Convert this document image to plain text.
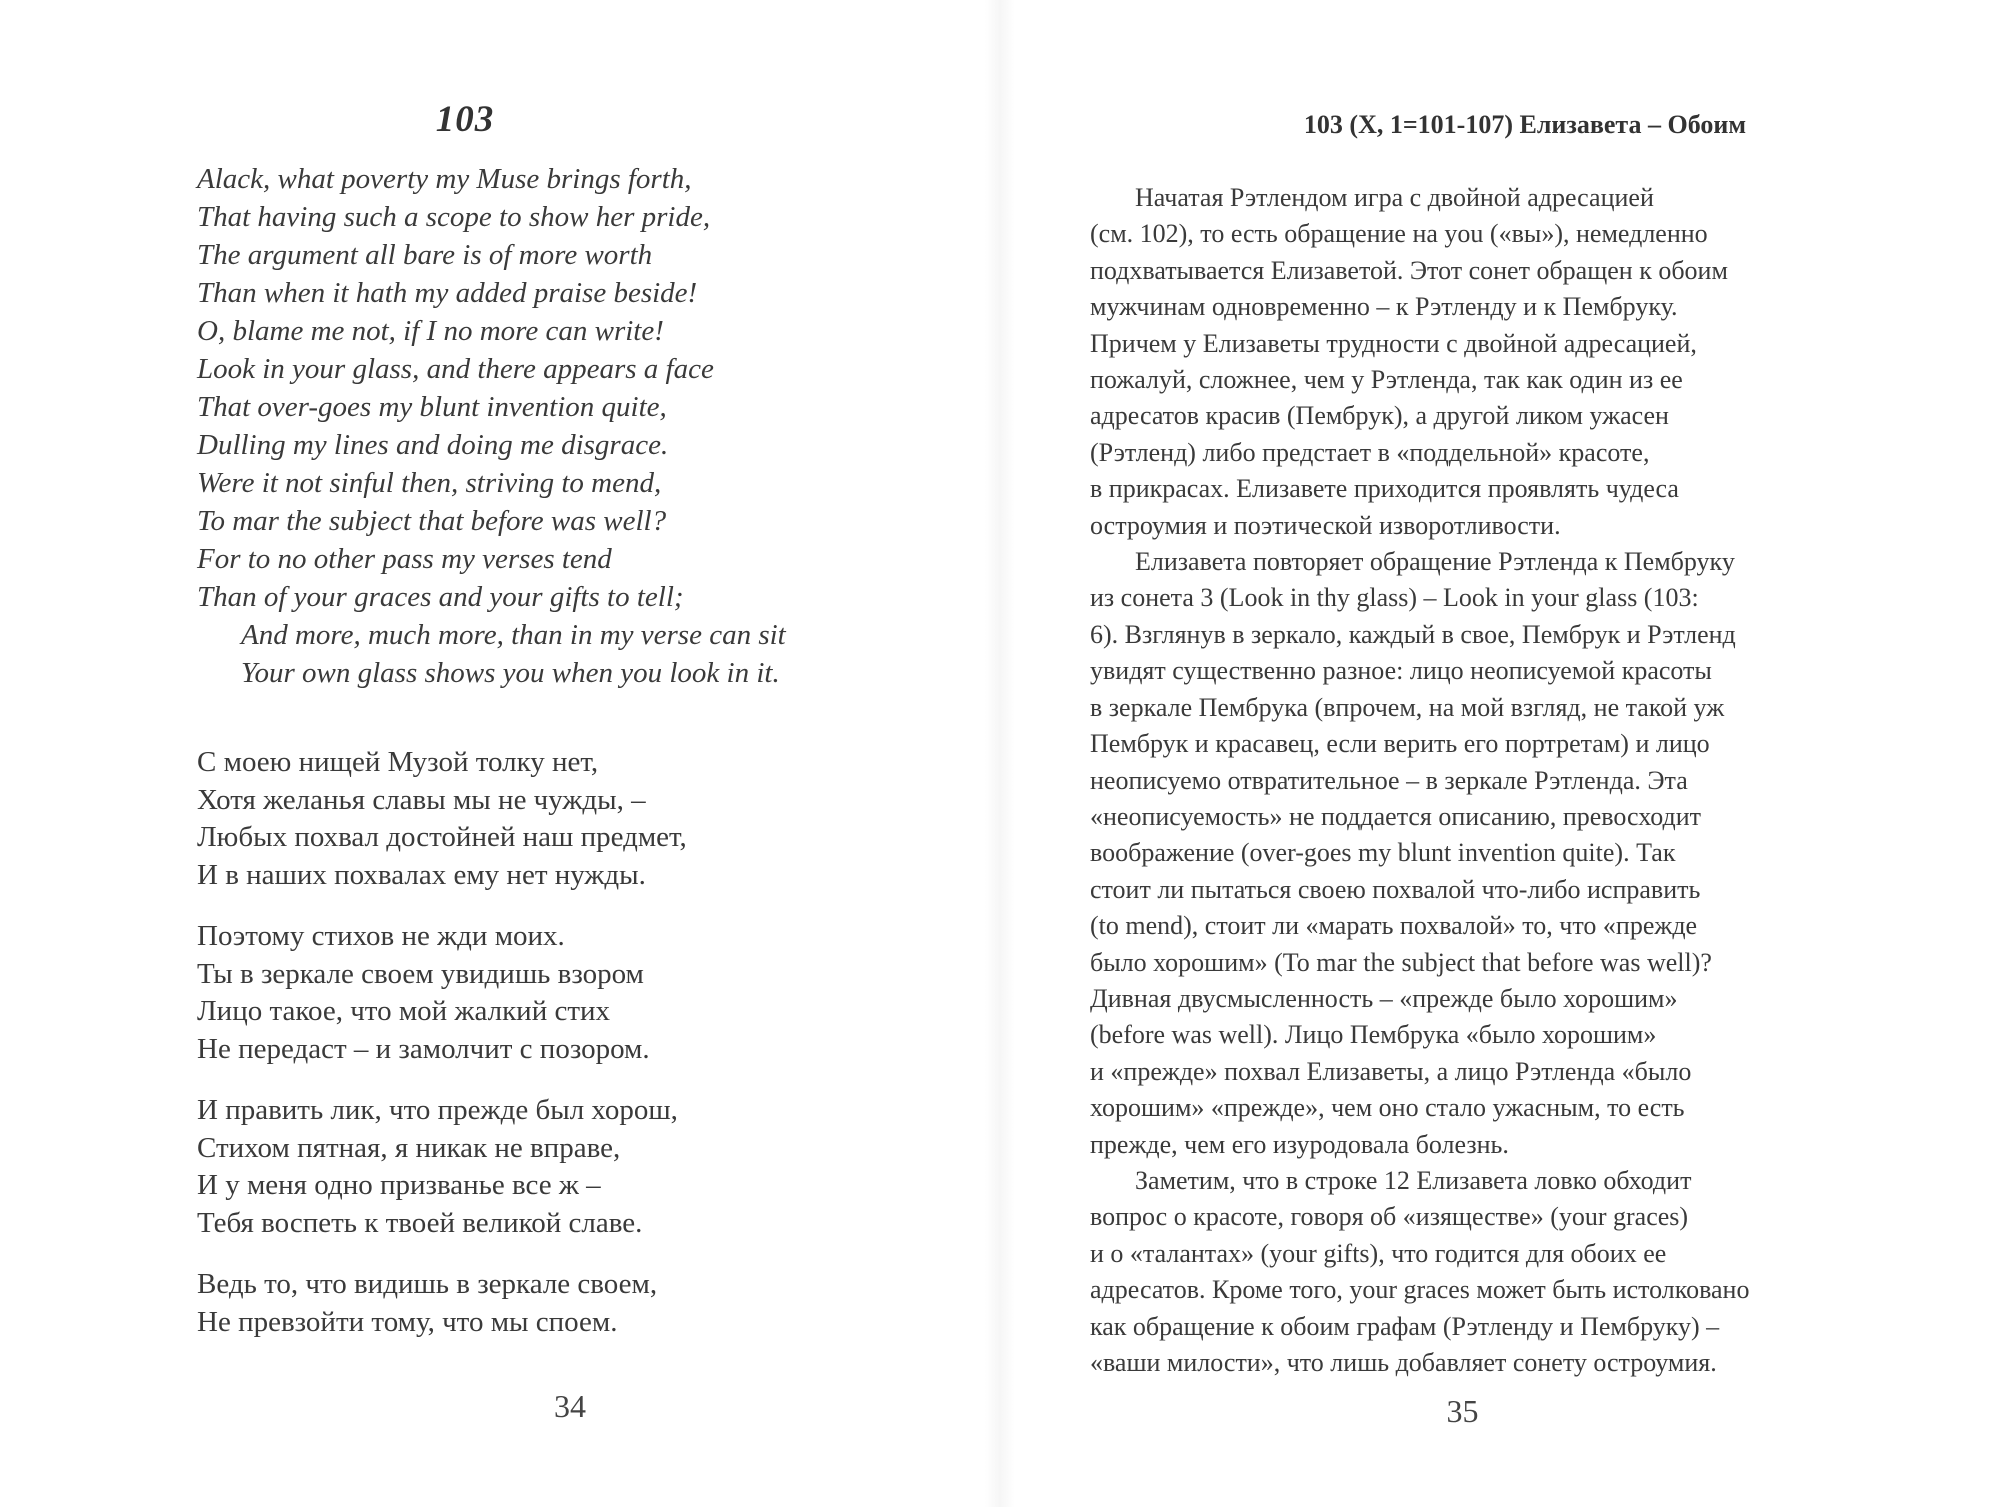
103
Alack, what poverty my Muse brings forth,
That having such a scope to show her pride,
The argument all bare is of more worth
Than when it hath my added praise beside!
O, blame me not, if I no more can write!
Look in your glass, and there appears a face
That over-goes my blunt invention quite,
Dulling my lines and doing me disgrace.
Were it not sinful then, striving to mend,
To mar the subject that before was well?
For to no other pass my verses tend
Than of your graces and your gifts to tell;
And more, much more, than in my verse can sit
Your own glass shows you when you look in it.
С моею нищей Музой толку нет,
Хотя желанья славы мы не чужды, –
Любых похвал достойней наш предмет,
И в наших похвалах ему нет нужды.
Поэтому стихов не жди моих.
Ты в зеркале своем увидишь взором
Лицо такое, что мой жалкий стих
Не передаст – и замолчит с позором.
И править лик, что прежде был хорош,
Стихом пятная, я никак не вправе,
И у меня одно призванье все ж –
Тебя воспеть к твоей великой славе.
Ведь то, что видишь в зеркале своем,
Не превзойти тому, что мы споем.
34
103 (X, 1=101-107) Елизавета – Обоим
Начатая Рэтлендом игра с двойной адресацией
(см. 102), то есть обращение на you («вы»), немедленно
подхватывается Елизаветой. Этот сонет обращен к обоим
мужчинам одновременно – к Рэтленду и к Пембруку.
Причем у Елизаветы трудности с двойной адресацией,
пожалуй, сложнее, чем у Рэтленда, так как один из ее
адресатов красив (Пембрук), а другой ликом ужасен
(Рэтленд) либо предстает в «поддельной» красоте,
в прикрасах. Елизавете приходится проявлять чудеса
остроумия и поэтической изворотливости.
Елизавета повторяет обращение Рэтленда к Пембруку
из сонета 3 (Look in thy glass) – Look in your glass (103:
6). Взглянув в зеркало, каждый в свое, Пембрук и Рэтленд
увидят существенно разное: лицо неописуемой красоты
в зеркале Пембрука (впрочем, на мой взгляд, не такой уж
Пембрук и красавец, если верить его портретам) и лицо
неописуемо отвратительное – в зеркале Рэтленда. Эта
«неописуемость» не поддается описанию, превосходит
воображение (over-goes my blunt invention quite). Так
стоит ли пытаться своею похвалой что-либо исправить
(to mend), стоит ли «марать похвалой» то, что «прежде
было хорошим» (To mar the subject that before was well)?
Дивная двусмысленность – «прежде было хорошим»
(before was well). Лицо Пембрука «было хорошим»
и «прежде» похвал Елизаветы, а лицо Рэтленда «было
хорошим» «прежде», чем оно стало ужасным, то есть
прежде, чем его изуродовала болезнь.
Заметим, что в строке 12 Елизавета ловко обходит
вопрос о красоте, говоря об «изяществе» (your graces)
и о «талантах» (your gifts), что годится для обоих ее
адресатов. Кроме того, your graces может быть истолковано
как обращение к обоим графам (Рэтленду и Пембруку) –
«ваши милости», что лишь добавляет сонету остроумия.
35
